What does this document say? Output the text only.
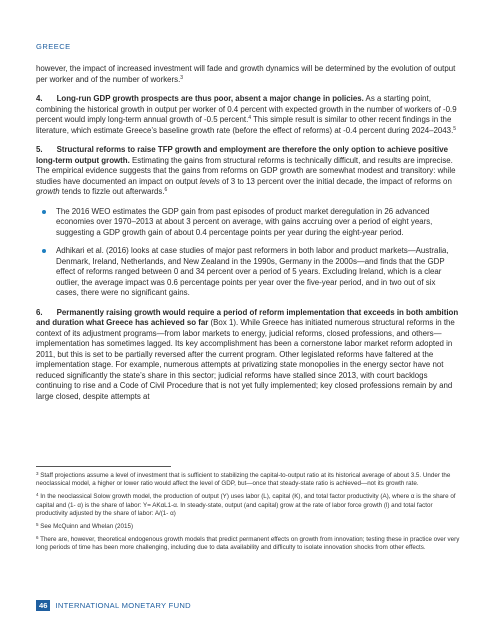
GREECE

however, the impact of increased investment will fade and growth dynamics will be determined by the evolution of output per worker and of the number of workers.$^3$

4. Long-run GDP growth prospects are thus poor, absent a major change in policies. As a starting point, combining the historical growth in output per worker of 0.4 percent with expected growth in the number of workers of -0.9 percent would imply long-term annual growth of -0.5 percent.$^4$ This simple result is similar to other recent findings in the literature, which estimate Greece’s baseline growth rate (before the effect of reforms) at -0.4 percent during 2024–2043.$^5$

5. Structural reforms to raise TFP growth and employment are therefore the only option to achieve positive long-term output growth. Estimating the gains from structural reforms is technically difficult, and results are imprecise. The empirical evidence suggests that the gains from reforms on GDP growth are somewhat modest and transitory: while studies have documented an impact on output levels of 3 to 13 percent over the initial decade, the impact of reforms on growth tends to fizzle out afterwards.$^6$

The 2016 WEO estimates the GDP gain from past episodes of product market deregulation in 26 advanced economies over 1970–2013 at about 3 percent on average, with gains accruing over a period of eight years, suggesting a GDP growth gain of about 0.4 percentage points per year during the eight-year period.
Adhikari et al. (2016) looks at case studies of major past reformers in both labor and product markets—Australia, Denmark, Ireland, Netherlands, and New Zealand in the 1990s, Germany in the 2000s—and finds that the GDP effect of reforms ranged between 0 and 34 percent over a period of 5 years. Excluding Ireland, which is a clear outlier, the average impact was 0.6 percentage points per year over the five-year period, and in two out of six cases, there were no significant gains.

6. Permanently raising growth would require a period of reform implementation that exceeds in both ambition and duration what Greece has achieved so far (Box 1). While Greece has initiated numerous structural reforms in the context of its adjustment programs—from labor markets to energy, judicial reforms, closed professions, and others—implementation has sometimes lagged. Its key accomplishment has been a cornerstone labor market reform adopted in 2011, but this is set to be partially reversed after the current program. Other legislated reforms have faltered at the implementation stage. For example, numerous attempts at privatizing state monopolies in the energy sector have not reduced significantly the state’s share in this sector; judicial reforms have stalled since 2013, with court backlogs continuing to rise and a Code of Civil Procedure that is not yet fully implemented; key closed professions remain by and large closed, despite attempts at

$^3$ Staff projections assume a level of investment that is sufficient to stabilizing the capital-to-output ratio at its historical average of about 3.5. Under the neoclassical model, a higher or lower ratio would affect the level of GDP, but—once that steady-state ratio is achieved—not its growth rate.

$^4$ In the neoclassical Solow growth model, the production of output (Y) uses labor (L), capital (K), and total factor productivity (A), where α is the share of capital and (1- α) is the share of labor: Y= AKαL1-α. In steady-state, output (and capital) grow at the rate of labor force growth (l) and total factor productivity adjusted by the share of labor: A/(1- α)

$^5$ See McQuinn and Whelan (2015)

$^6$ There are, however, theoretical endogenous growth models that predict permanent effects on growth from innovation; testing these in practice over very long periods of time has been more challenging, including due to data availability and difficulty to isolate innovation shocks from other effects.

46	INTERNATIONAL MONETARY FUND
